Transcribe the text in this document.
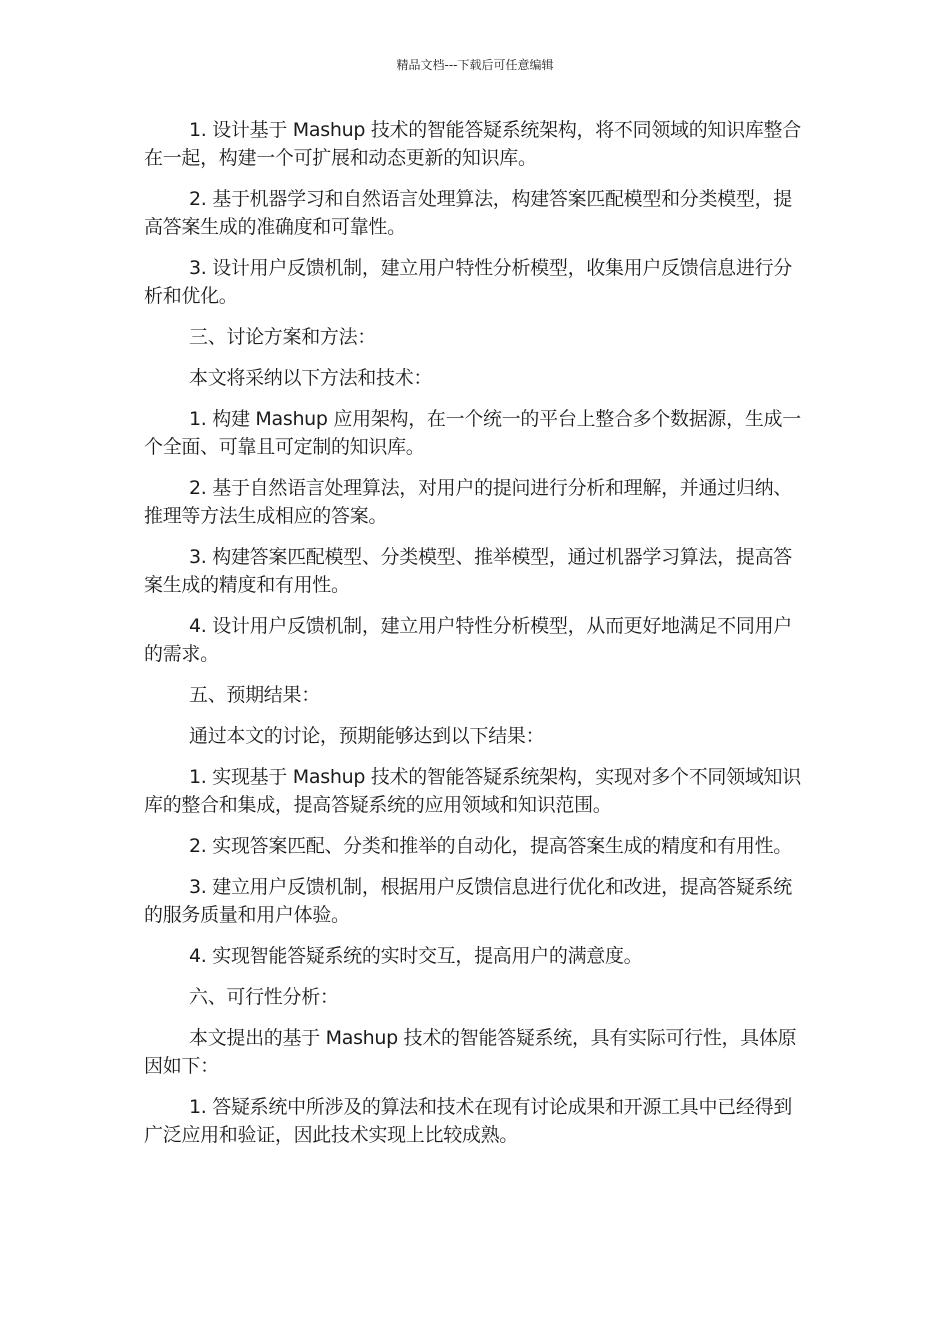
精品文档---下载后可任意编辑

1. 设计基于 Mashup 技术的智能答疑系统架构，将不同领域的知识库整合在一起，构建一个可扩展和动态更新的知识库。

2. 基于机器学习和自然语言处理算法，构建答案匹配模型和分类模型，提高答案生成的准确度和可靠性。

3. 设计用户反馈机制，建立用户特性分析模型，收集用户反馈信息进行分析和优化。

三、讨论方案和方法：

本文将采纳以下方法和技术：

1. 构建 Mashup 应用架构，在一个统一的平台上整合多个数据源，生成一个全面、可靠且可定制的知识库。

2. 基于自然语言处理算法，对用户的提问进行分析和理解，并通过归纳、推理等方法生成相应的答案。

3. 构建答案匹配模型、分类模型、推举模型，通过机器学习算法，提高答案生成的精度和有用性。

4. 设计用户反馈机制，建立用户特性分析模型，从而更好地满足不同用户的需求。

五、预期结果：

通过本文的讨论，预期能够达到以下结果：

1. 实现基于 Mashup 技术的智能答疑系统架构，实现对多个不同领域知识库的整合和集成，提高答疑系统的应用领域和知识范围。

2. 实现答案匹配、分类和推举的自动化，提高答案生成的精度和有用性。

3. 建立用户反馈机制，根据用户反馈信息进行优化和改进，提高答疑系统的服务质量和用户体验。

4. 实现智能答疑系统的实时交互，提高用户的满意度。

六、可行性分析：

本文提出的基于 Mashup 技术的智能答疑系统，具有实际可行性，具体原因如下：

1. 答疑系统中所涉及的算法和技术在现有讨论成果和开源工具中已经得到广泛应用和验证，因此技术实现上比较成熟。
